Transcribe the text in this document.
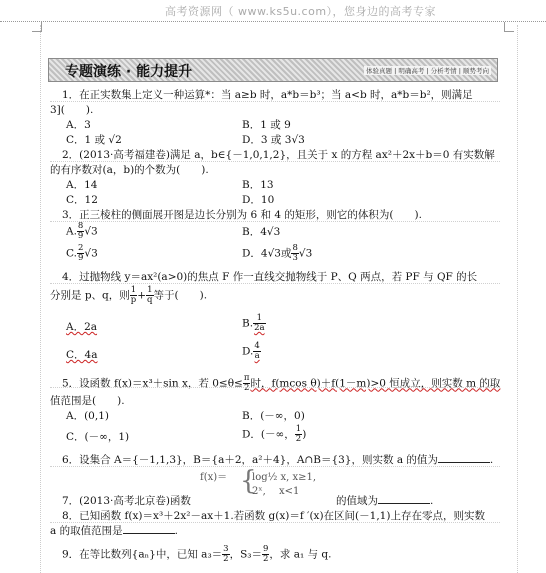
高考资源网（ www.ks5u.com），您身边的高考专家
专题演练 · 能力提升	体验真题 | 明确高考 | 分析考情 | 顺势考向
1．在正实数集上定义一种运算*：当 a≥b 时，a*b＝b³；当 a<b 时，a*b＝b²，则满足
3](　　).
A．3	B．1 或 9
C．1 或 √2	D．3 或 3√3
2．(2013·高考福建卷)满足 a，b∈{－1,0,1,2}，且关于 x 的方程 ax²＋2x＋b＝0 有实数解
的有序数对(a，b)的个数为(　　).
A．14	B．13
C．12	D．10
3．正三棱柱的侧面展开图是边长分别为 6 和 4 的矩形，则它的体积为(　　).
A. $\frac{8}{9} √3$	B．4√3
C. $\frac{2}{9} √3$	D．4√3或 $\frac{8}{3} √3$
4．过抛物线 y＝ax²(a>0)的焦点 F 作一直线交抛物线于 P、Q 两点，若 PF 与 QF 的长
分别是 p、q，则 $\frac{1}{p} + \frac{1}{q}$ 等于(　　).
A．2a	B. $\frac{1}{2a}$
C．4a	D. $\frac{4}{a}$
5．设函数 f(x)＝x³＋sin x，若 $0\le\theta\le \frac{\pi}{2}$ 时，f(mcos θ)＋f(1－m)>0 恒成立，则实数 m 的取
值范围是(　　).
A．(0,1)	B．(－∞，0)
C．(－∞，1)	D．(－∞， $\frac{1}{2}$ )
6．设集合 A＝{－1,1,3}，B＝{a＋2，a²＋4}，A∩B＝{3}，则实数 a 的值为	.
f(x)＝ {
log½ x, x≥1,
2ˣ,　 x<1
7．(2013·高考北京卷)函数	的值域为	.
8．已知函数 f(x)＝x³＋2x²－ax＋1.若函数 g(x)＝f ′(x)在区间(－1,1)上存在零点，则实数
a 的取值范围是	.
9．在等比数列{aₙ}中，已知 $a_3= \frac{3}{2}$ ，$S_3= \frac{9}{2}$ ，求 a₁ 与 q.
